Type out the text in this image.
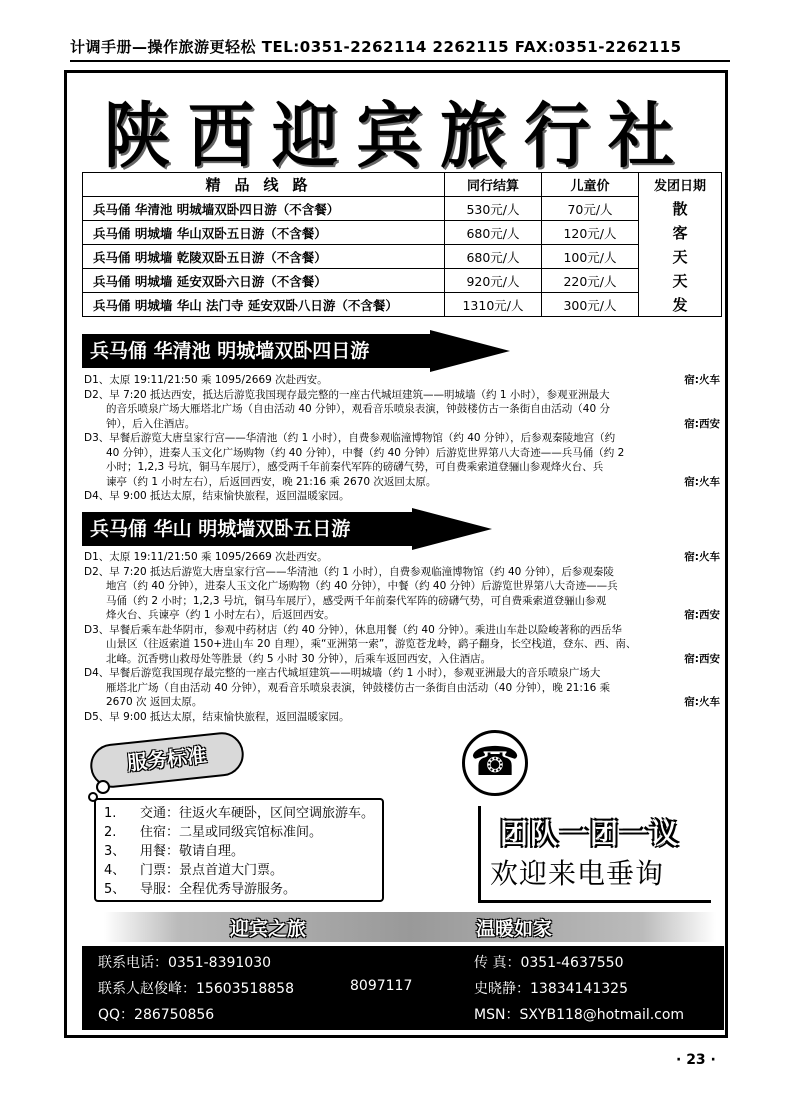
计调手册—操作旅游更轻松 TEL:0351-2262114 2262115 FAX:0351-2262115
陕西迎宾旅行社
精品线路	同行结算	儿童价	发团日期
兵马俑 华清池 明城墙双卧四日游（不含餐）	530元/人	70元/人	散
兵马俑 明城墙 华山双卧五日游（不含餐）	680元/人	120元/人	客
兵马俑 明城墙 乾陵双卧五日游（不含餐）	680元/人	100元/人	天
兵马俑 明城墙 延安双卧六日游（不含餐）	920元/人	220元/人	天
兵马俑 明城墙 华山 法门寺 延安双卧八日游（不含餐）	1310元/人	300元/人	发
兵马俑 华清池 明城墙双卧四日游
D1、太原 19:11/21:50 乘 1095/2669 次赴西安。	宿:火车
D2、早 7:20 抵达西安，抵达后游览我国现存最完整的一座古代城垣建筑——明城墙（约 1 小时），参观亚洲最大
的音乐喷泉广场大雁塔北广场（自由活动 40 分钟），观看音乐喷泉表演，钟鼓楼仿古一条街自由活动（40 分
钟），后入住酒店。	宿:西安
D3、早餐后游览大唐皇家行宫——华清池（约 1 小时），自费参观临潼博物馆（约 40 分钟），后参观秦陵地宫（约
40 分钟），进秦人玉文化广场购物（约 40 分钟），中餐（约 40 分钟）后游览世界第八大奇迹——兵马俑（约 2
小时；1,2,3 号坑，铜马车展厅），感受两千年前秦代军阵的磅礴气势，可自费乘索道登骊山参观烽火台、兵
谏亭（约 1 小时左右），后返回西安，晚 21:16 乘 2670 次返回太原。	宿:火车
D4、早 9:00 抵达太原，结束愉快旅程，返回温暖家园。
兵马俑 华山 明城墙双卧五日游
D1、太原 19:11/21:50 乘 1095/2669 次赴西安。	宿:火车
D2、早 7:20 抵达后游览大唐皇家行宫——华清池（约 1 小时），自费参观临潼博物馆（约 40 分钟），后参观秦陵
地宫（约 40 分钟），进秦人玉文化广场购物（约 40 分钟），中餐（约 40 分钟）后游览世界第八大奇迹——兵
马俑（约 2 小时；1,2,3 号坑，铜马车展厅），感受两千年前秦代军阵的磅礴气势，可自费乘索道登骊山参观
烽火台、兵谏亭（约 1 小时左右），后返回西安。	宿:西安
D3、早餐后乘车赴华阴市，参观中药材店（约 40 分钟），休息用餐（约 40 分钟）。乘进山车赴以险峻著称的西岳华
山景区（往返索道 150+进山车 20 自理），乘“亚洲第一索”，游览苍龙岭，鹞子翻身，长空栈道，登东、西、南、
北峰。沉香劈山救母处等胜景（约 5 小时 30 分钟），后乘车返回西安，入住酒店。	宿:西安
D4、早餐后游览我国现存最完整的一座古代城垣建筑——明城墙（约 1 小时），参观亚洲最大的音乐喷泉广场大
雁塔北广场（自由活动 40 分钟），观看音乐喷泉表演，钟鼓楼仿古一条街自由活动（40 分钟），晚 21:16 乘
2670 次 返回太原。	宿:火车
D5、早 9:00 抵达太原，结束愉快旅程，返回温暖家园。
服务标准
1. 交通：往返火车硬卧，区间空调旅游车。
2. 住宿：二星或同级宾馆标准间。
3、 用餐：敬请自理。
4、 门票：景点首道大门票。
5、 导服：全程优秀导游服务。
☎
团队一团一议
欢迎来电垂询
迎宾之旅	温暖如家
联系电话：0351-8391030	传 真：0351-4637550
联系人赵俊峰：15603518858	8097117	史晓静：13834141325
QQ：286750856	MSN：SXYB118@hotmail.com
· 23 ·
